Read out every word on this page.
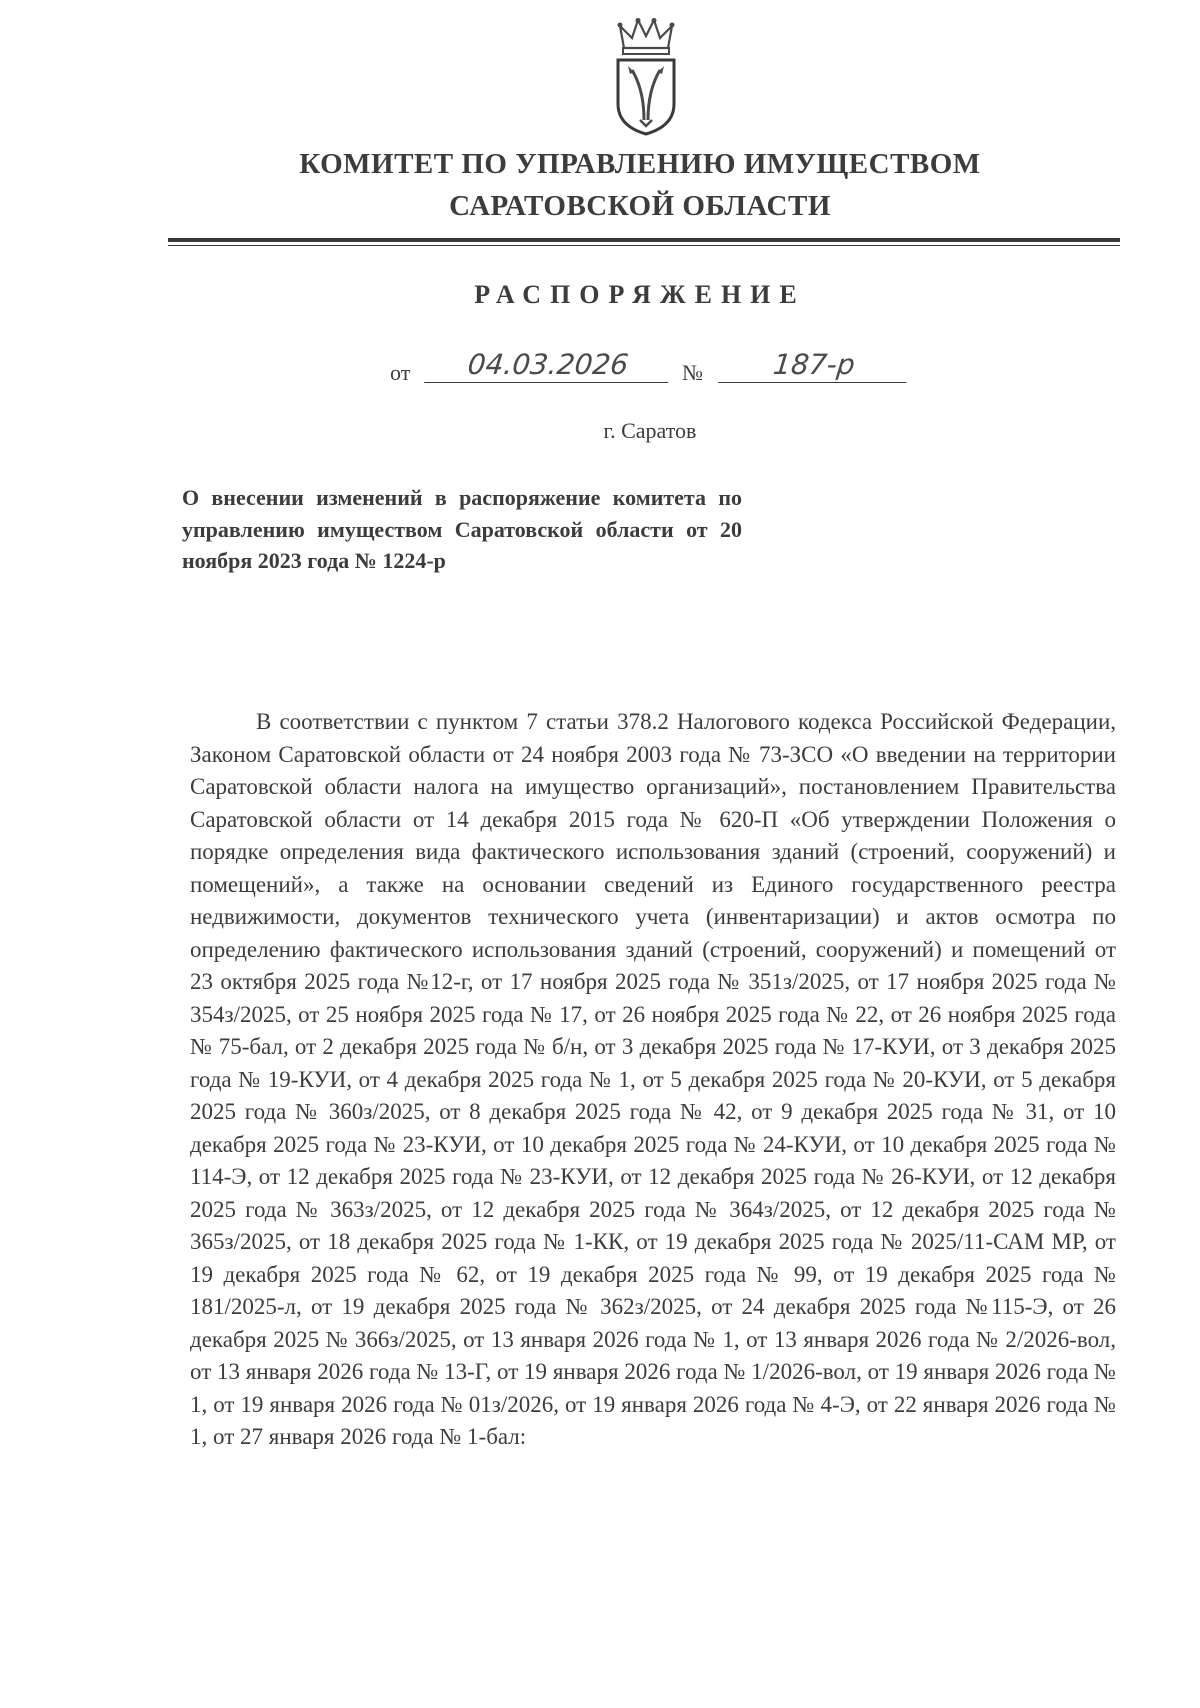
КОМИТЕТ ПО УПРАВЛЕНИЮ ИМУЩЕСТВОМ
САРАТОВСКОЙ ОБЛАСТИ
РАСПОРЯЖЕНИЕ
от	04.03.2026	№	187-р
г. Саратов
О внесении изменений в распоряжение комитета по управлению имуществом Саратовской области от 20 ноября 2023 года № 1224-р

В соответствии с пунктом 7 статьи 378.2 Налогового кодекса Российской Федерации, Законом Саратовской области от 24 ноября 2003 года № 73-ЗСО «О введении на территории Саратовской области налога на имущество организаций», постановлением Правительства Саратовской области от 14 декабря 2015 года № 620-П «Об утверждении Положения о порядке определения вида фактического использования зданий (строений, сооружений) и помещений», а также на основании сведений из Единого государственного реестра недвижимости, документов технического учета (инвентаризации) и актов осмотра по определению фактического использования зданий (строений, сооружений) и помещений от 23 октября 2025 года №12-г, от 17 ноября 2025 года № 351з/2025, от 17 ноября 2025 года № 354з/2025, от 25 ноября 2025 года № 17, от 26 ноября 2025 года № 22, от 26 ноября 2025 года № 75-бал, от 2 декабря 2025 года № б/н, от 3 декабря 2025 года № 17-КУИ, от 3 декабря 2025 года № 19-КУИ, от 4 декабря 2025 года № 1, от 5 декабря 2025 года № 20-КУИ, от 5 декабря 2025 года № 360з/2025, от 8 декабря 2025 года № 42, от 9 декабря 2025 года № 31, от 10 декабря 2025 года № 23-КУИ, от 10 декабря 2025 года № 24-КУИ, от 10 декабря 2025 года № 114-Э, от 12 декабря 2025 года № 23-КУИ, от 12 декабря 2025 года № 26-КУИ, от 12 декабря 2025 года № 363з/2025, от 12 декабря 2025 года № 364з/2025, от 12 декабря 2025 года № 365з/2025, от 18 декабря 2025 года № 1-КК, от 19 декабря 2025 года № 2025/11-САМ МР, от 19 декабря 2025 года № 62, от 19 декабря 2025 года № 99, от 19 декабря 2025 года № 181/2025-л, от 19 декабря 2025 года № 362з/2025, от 24 декабря 2025 года №115-Э, от 26 декабря 2025 № 366з/2025, от 13 января 2026 года № 1, от 13 января 2026 года № 2/2026-вол, от 13 января 2026 года № 13-Г, от 19 января 2026 года № 1/2026-вол, от 19 января 2026 года № 1, от 19 января 2026 года № 01з/2026, от 19 января 2026 года № 4-Э, от 22 января 2026 года № 1, от 27 января 2026 года № 1-бал:
